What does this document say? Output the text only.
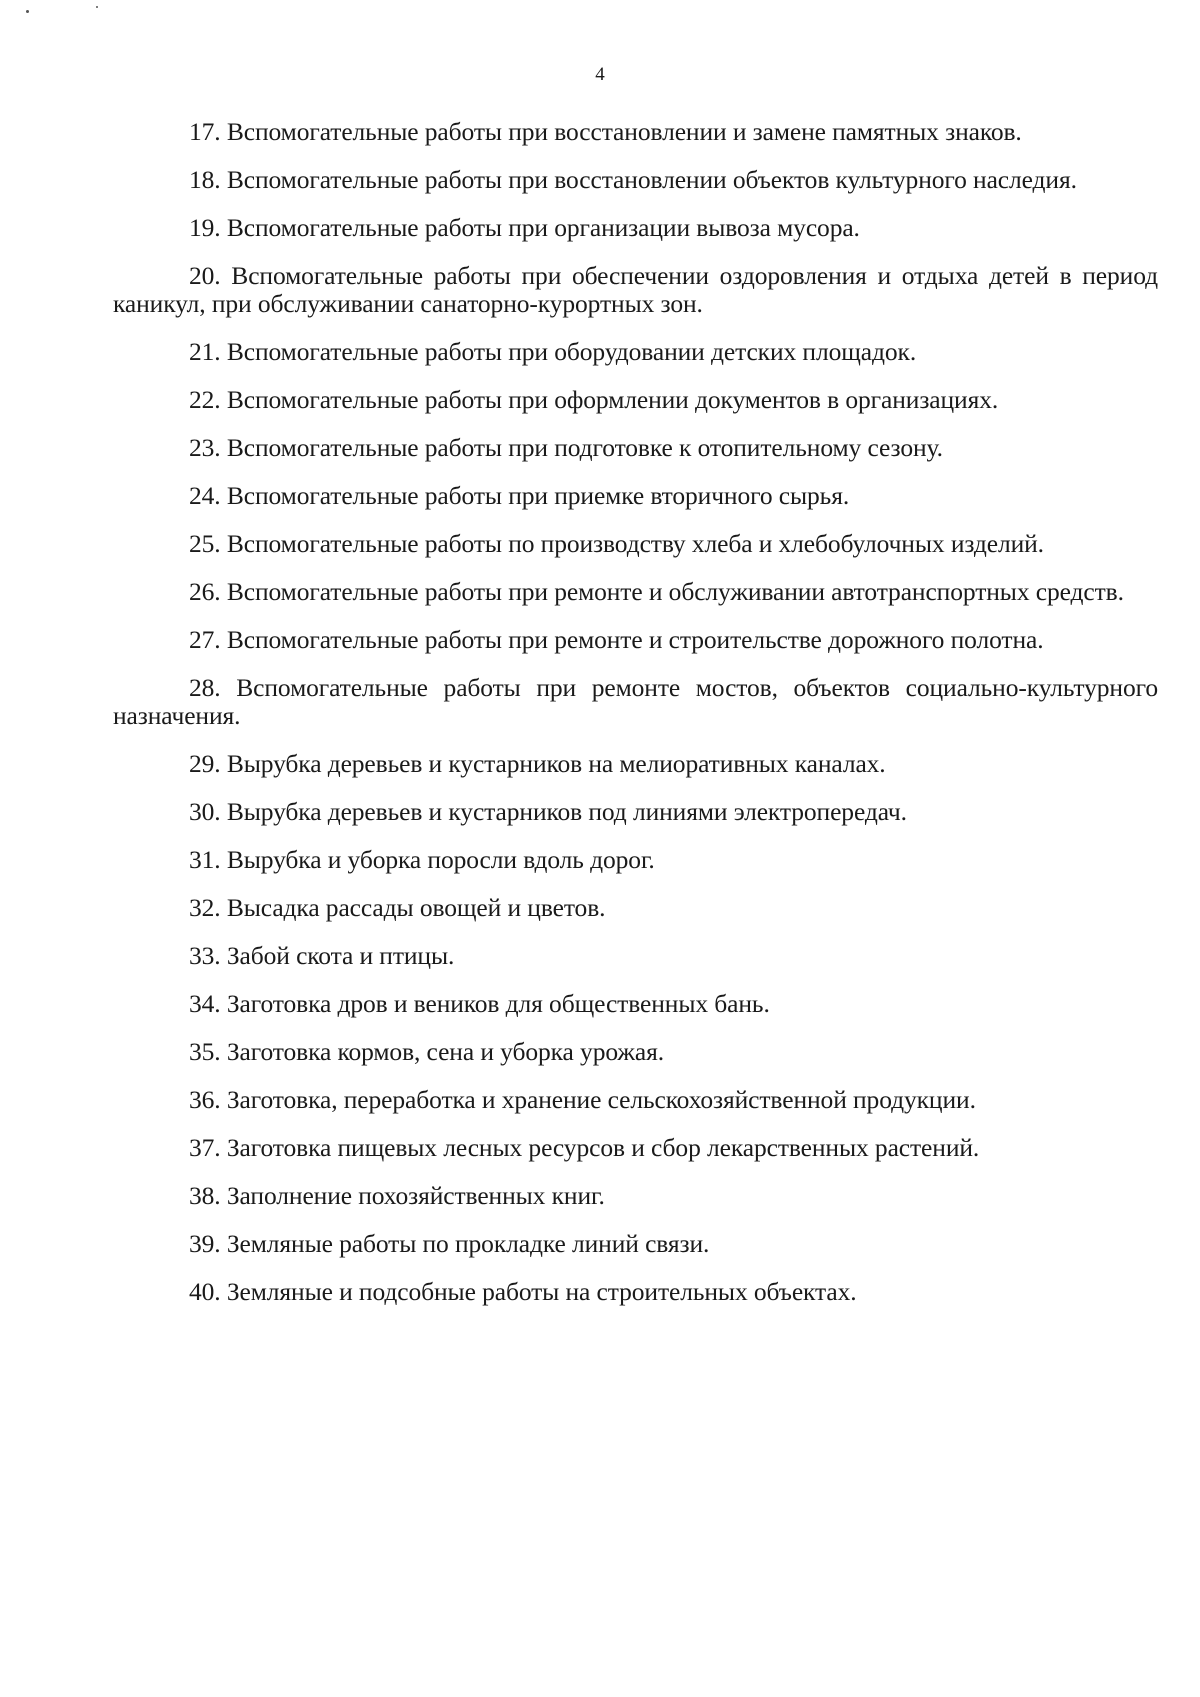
4

17. Вспомогательные работы при восстановлении и замене памятных знаков.

18. Вспомогательные работы при восстановлении объектов культурного наследия.

19. Вспомогательные работы при организации вывоза мусора.

20. Вспомогательные работы при обеспечении оздоровления и отдыха детей в период каникул, при обслуживании санаторно-курортных зон.

21. Вспомогательные работы при оборудовании детских площадок.

22. Вспомогательные работы при оформлении документов в организациях.

23. Вспомогательные работы при подготовке к отопительному сезону.

24. Вспомогательные работы при приемке вторичного сырья.

25. Вспомогательные работы по производству хлеба и хлебобулочных изделий.

26. Вспомогательные работы при ремонте и обслуживании автотранспортных средств.

27. Вспомогательные работы при ремонте и строительстве дорожного полотна.

28. Вспомогательные работы при ремонте мостов, объектов социально-культурного назначения.

29. Вырубка деревьев и кустарников на мелиоративных каналах.

30. Вырубка деревьев и кустарников под линиями электропередач.

31. Вырубка и уборка поросли вдоль дорог.

32. Высадка рассады овощей и цветов.

33. Забой скота и птицы.

34. Заготовка дров и веников для общественных бань.

35. Заготовка кормов, сена и уборка урожая.

36. Заготовка, переработка и хранение сельскохозяйственной продукции.

37. Заготовка пищевых лесных ресурсов и сбор лекарственных растений.

38. Заполнение похозяйственных книг.

39. Земляные работы по прокладке линий связи.

40. Земляные и подсобные работы на строительных объектах.
